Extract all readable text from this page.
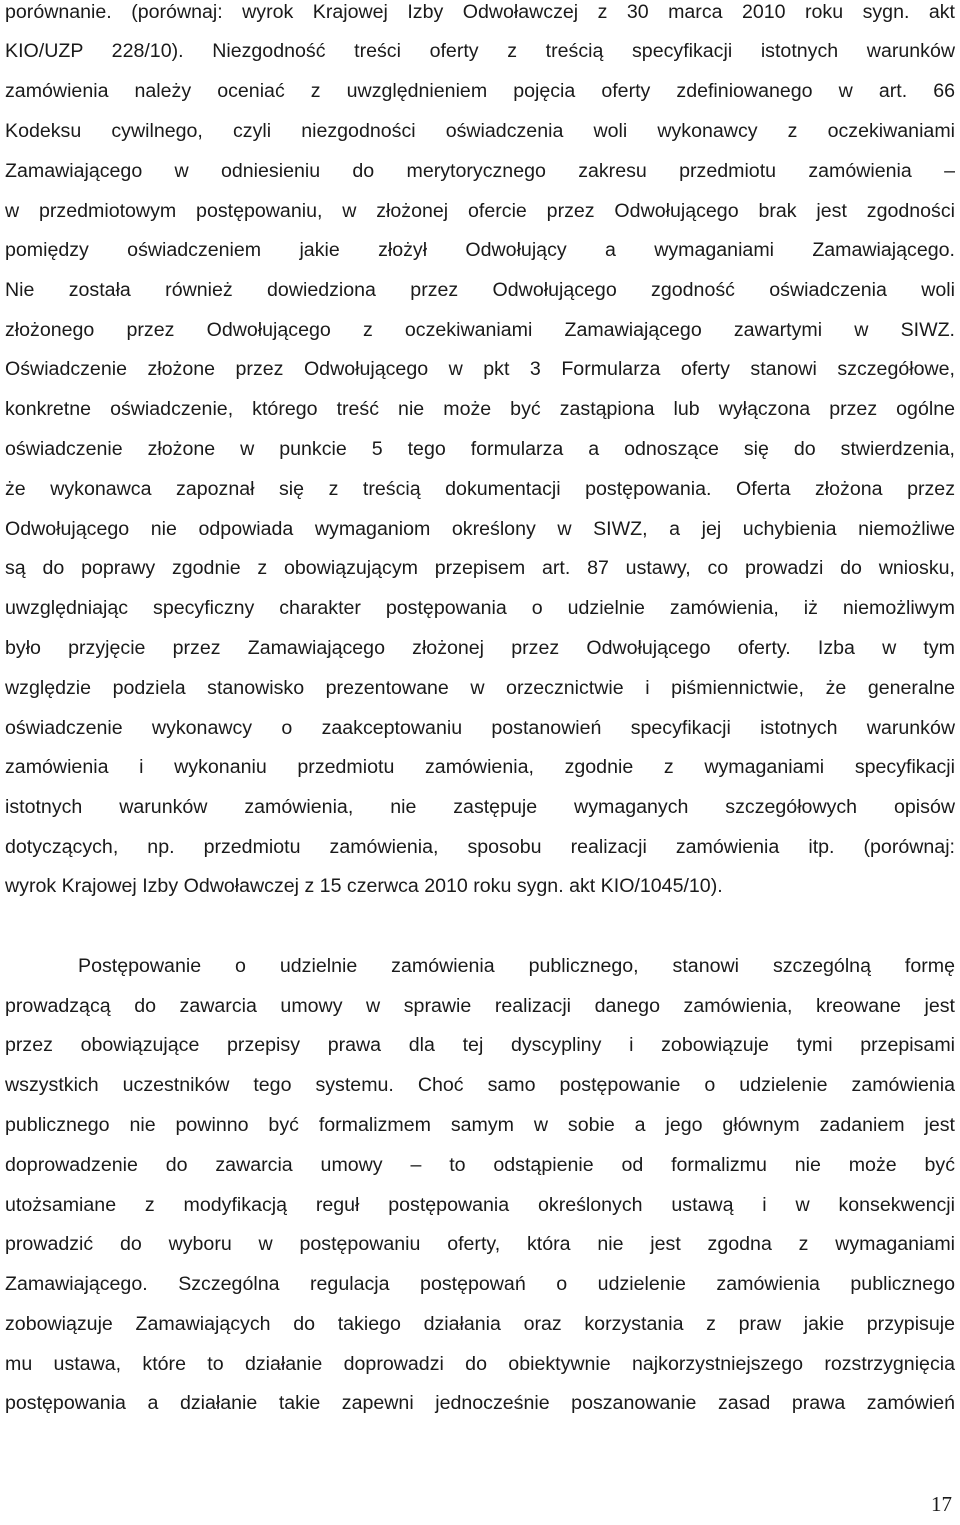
porównanie. (porównaj: wyrok Krajowej Izby Odwoławczej z 30 marca 2010 roku sygn. akt
KIO/UZP 228/10). Niezgodność treści oferty z treścią specyfikacji istotnych warunków
zamówienia należy oceniać z uwzględnieniem pojęcia oferty zdefiniowanego w art. 66
Kodeksu cywilnego, czyli niezgodności oświadczenia woli wykonawcy z oczekiwaniami
Zamawiającego w odniesieniu do merytorycznego zakresu przedmiotu zamówienia –
w przedmiotowym postępowaniu, w złożonej ofercie przez Odwołującego brak jest zgodności
pomiędzy oświadczeniem jakie złożył Odwołujący a wymaganiami Zamawiającego.
Nie została również dowiedziona przez Odwołującego zgodność oświadczenia woli
złożonego przez Odwołującego z oczekiwaniami Zamawiającego zawartymi w SIWZ.
Oświadczenie złożone przez Odwołującego w pkt 3 Formularza oferty stanowi szczegółowe,
konkretne oświadczenie, którego treść nie może być zastąpiona lub wyłączona przez ogólne
oświadczenie złożone w punkcie 5 tego formularza a odnoszące się do stwierdzenia,
że wykonawca zapoznał się z treścią dokumentacji postępowania. Oferta złożona przez
Odwołującego nie odpowiada wymaganiom określony w SIWZ, a jej uchybienia niemożliwe
są do poprawy zgodnie z obowiązującym przepisem art. 87 ustawy, co prowadzi do wniosku,
uwzględniając specyficzny charakter postępowania o udzielnie zamówienia, iż niemożliwym
było przyjęcie przez Zamawiającego złożonej przez Odwołującego oferty. Izba w tym
względzie podziela stanowisko prezentowane w orzecznictwie i piśmiennictwie, że generalne
oświadczenie wykonawcy o zaakceptowaniu postanowień specyfikacji istotnych warunków
zamówienia i wykonaniu przedmiotu zamówienia, zgodnie z wymaganiami specyfikacji
istotnych warunków zamówienia, nie zastępuje wymaganych szczegółowych opisów
dotyczących, np. przedmiotu zamówienia, sposobu realizacji zamówienia itp. (porównaj:
wyrok Krajowej Izby Odwoławczej z 15 czerwca 2010 roku sygn. akt KIO/1045/10).
Postępowanie o udzielnie zamówienia publicznego, stanowi szczególną formę
prowadzącą do zawarcia umowy w sprawie realizacji danego zamówienia, kreowane jest
przez obowiązujące przepisy prawa dla tej dyscypliny i zobowiązuje tymi przepisami
wszystkich uczestników tego systemu. Choć samo postępowanie o udzielenie zamówienia
publicznego nie powinno być formalizmem samym w sobie a jego głównym zadaniem jest
doprowadzenie do zawarcia umowy – to odstąpienie od formalizmu nie może być
utożsamiane z modyfikacją reguł postępowania określonych ustawą i w konsekwencji
prowadzić do wyboru w postępowaniu oferty, która nie jest zgodna z wymaganiami
Zamawiającego. Szczególna regulacja postępowań o udzielenie zamówienia publicznego
zobowiązuje Zamawiających do takiego działania oraz korzystania z praw jakie przypisuje
mu ustawa, które to działanie doprowadzi do obiektywnie najkorzystniejszego rozstrzygnięcia
postępowania a działanie takie zapewni jednocześnie poszanowanie zasad prawa zamówień
17
